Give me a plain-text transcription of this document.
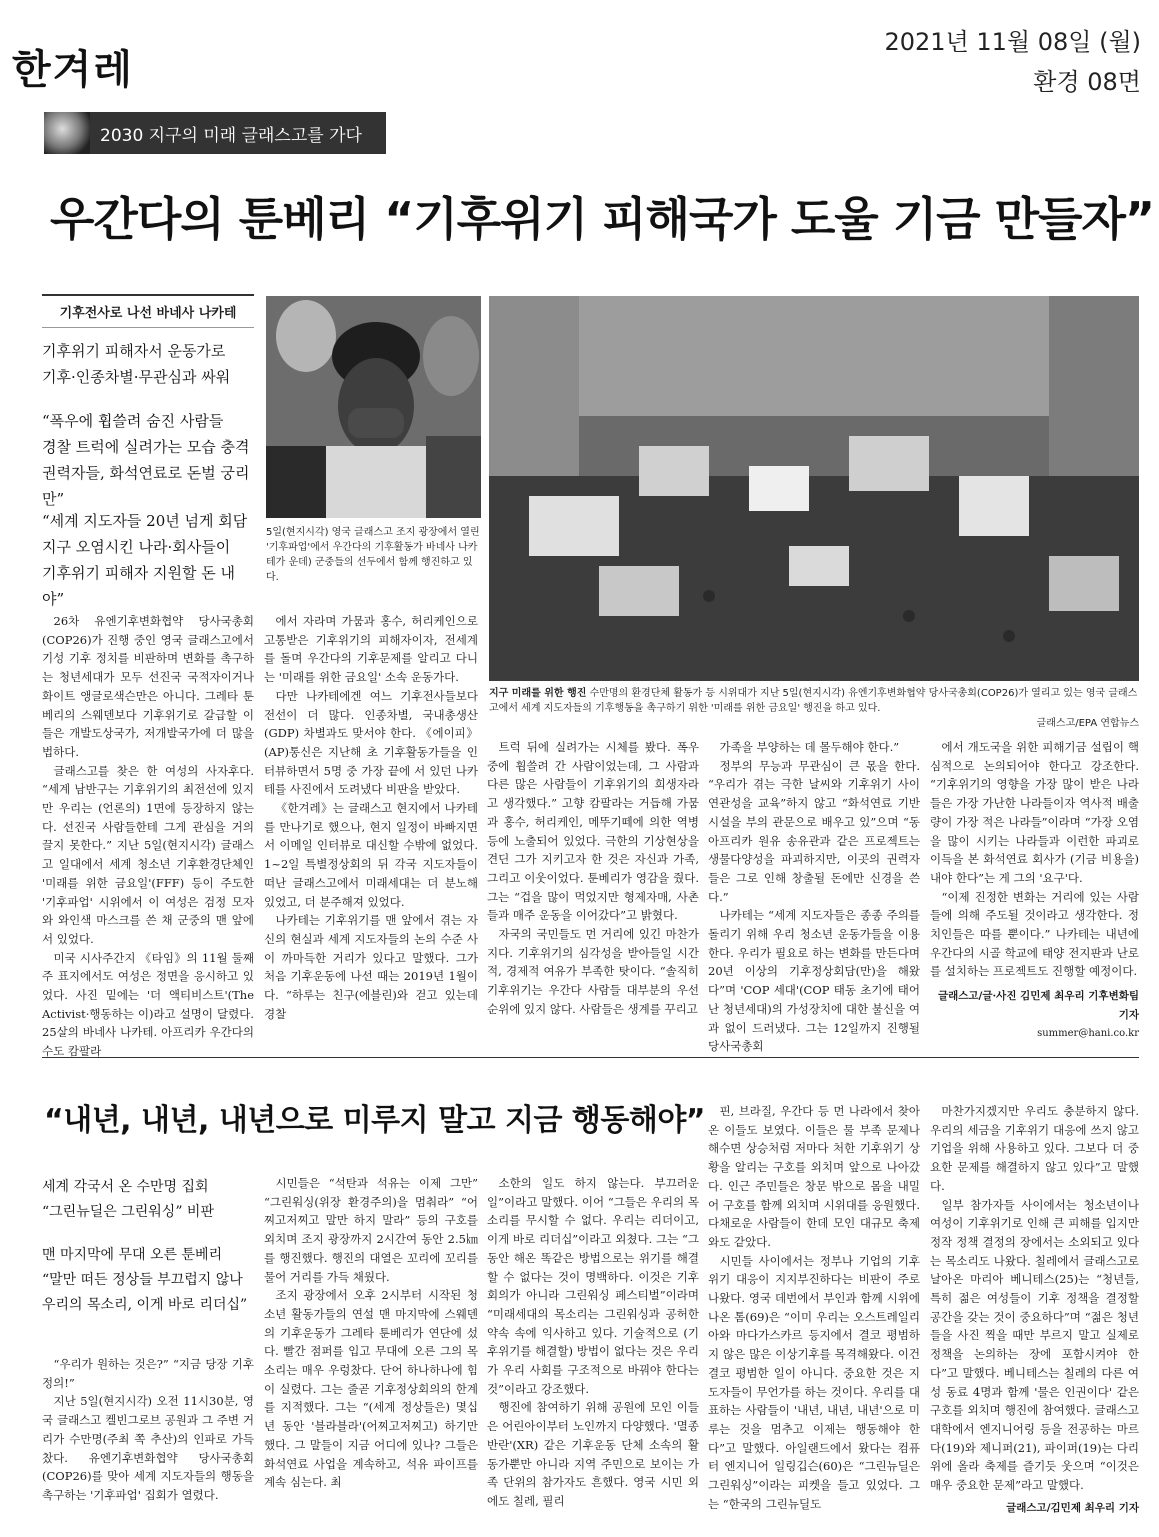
한겨레
2021년 11월 08일 (월)
환경 08면
2030 지구의 미래 글래스고를 가다
우간다의 툰베리 “기후위기 피해국가 도울 기금 만들자”
기후전사로 나선 바네사 나카테
기후위기 피해자서 운동가로
기후·인종차별·무관심과 싸워
“폭우에 휩쓸려 숨진 사람들
경찰 트럭에 실려가는 모습 충격
권력자들, 화석연료로 돈벌 궁리만”
“세계 지도자들 20년 넘게 회담
지구 오염시킨 나라·회사들이
기후위기 피해자 지원할 돈 내야”
5일(현지시각) 영국 글래스고 조지 광장에서 열린 '기후파업'에서 우간다의 기후활동가 바네사 나카테가 운데) 군중들의 선두에서 함께 행진하고 있다.
지구 미래를 위한 행진 수만명의 환경단체 활동가 등 시위대가 지난 5일(현지시각) 유엔기후변화협약 당사국총회(COP26)가 열리고 있는 영국 글래스고에서 세계 지도자들의 기후행동을 촉구하기 위한 '미래를 위한 금요일' 행진을 하고 있다.
글래스고/EPA 연합뉴스

26차 유엔기후변화협약 당사국총회(COP26)가 진행 중인 영국 글래스고에서 기성 기후 정치를 비판하며 변화를 촉구하는 청년세대가 모두 선진국 국적자이거나 화이트 앵글로색슨만은 아니다. 그레타 툰베리의 스웨덴보다 기후위기로 갈급할 이들은 개발도상국가, 저개발국가에 더 많을 법하다.

글래스고를 찾은 한 여성의 사자후다. “세계 남반구는 기후위기의 최전선에 있지만 우리는 (언론의) 1면에 등장하지 않는다. 선진국 사람들한테 그게 관심을 거의 끌지 못한다.” 지난 5일(현지시각) 글래스고 일대에서 세계 청소년 기후환경단체인 '미래를 위한 금요일'(FFF) 등이 주도한 '기후파업' 시위에서 이 여성은 검정 모자와 와인색 마스크를 쓴 채 군중의 맨 앞에 서 있었다.

미국 시사주간지 《타임》의 11월 둘째 주 표지에서도 여성은 정면을 응시하고 있었다. 사진 밑에는 '더 액티비스트'(The Activist·행동하는 이)라고 설명이 달렸다. 25살의 바네사 나카테. 아프리카 우간다의 수도 캄팔라

에서 자라며 가뭄과 홍수, 허리케인으로 고통받은 기후위기의 피해자이자, 전세계를 돌며 우간다의 기후문제를 알리고 다니는 '미래를 위한 금요일' 소속 운동가다.

다만 나카테에겐 여느 기후전사들보다 전선이 더 많다. 인종차별, 국내총생산(GDP) 차별과도 맞서야 한다. 《에이피》(AP)통신은 지난해 초 기후활동가들을 인터뷰하면서 5명 중 가장 끝에 서 있던 나카테를 사진에서 도려냈다 비판을 받았다.

《한겨레》는 글래스고 현지에서 나카테를 만나기로 했으나, 현지 일정이 바빠지면서 이메일 인터뷰로 대신할 수밖에 없었다. 1~2일 특별정상회의 뒤 각국 지도자들이 떠난 글래스고에서 미래세대는 더 분노해 있었고, 더 분주해져 있었다.

나카테는 기후위기를 맨 앞에서 겪는 자신의 현실과 세계 지도자들의 논의 수준 사이 까마득한 거리가 있다고 말했다. 그가 처음 기후운동에 나선 때는 2019년 1월이다. “하루는 친구(에블린)와 걷고 있는데 경찰

트럭 뒤에 실려가는 시체를 봤다. 폭우 중에 휩쓸려 간 사람이었는데, 그 사람과 다른 많은 사람들이 기후위기의 희생자라고 생각했다.” 고향 캄팔라는 거듭해 가뭄과 홍수, 허리케인, 메뚜기떼에 의한 역병 등에 노출되어 있었다. 극한의 기상현상을 견딘 그가 지키고자 한 것은 자신과 가족, 그리고 이웃이었다. 툰베리가 영감을 줬다. 그는 “겁을 많이 먹었지만 형제자매, 사촌들과 매주 운동을 이어갔다”고 밝혔다.

자국의 국민들도 먼 거리에 있긴 마찬가지다. 기후위기의 심각성을 받아들일 시간적, 경제적 여유가 부족한 탓이다. “솔직히 기후위기는 우간다 사람들 대부분의 우선순위에 있지 않다. 사람들은 생계를 꾸리고

가족을 부양하는 데 몰두해야 한다.”

정부의 무능과 무관심이 큰 몫을 한다. “우리가 겪는 극한 날씨와 기후위기 사이 연관성을 교육”하지 않고 “화석연료 기반 시설을 부의 관문으로 배우고 있”으며 “동아프리카 원유 송유관과 같은 프로젝트는 생물다양성을 파괴하지만, 이곳의 권력자들은 그로 인해 창출될 돈에만 신경을 쓴다.”

나카테는 “세계 지도자들은 종종 주의를 돌리기 위해 우리 청소년 운동가들을 이용한다. 우리가 필요로 하는 변화를 만든다며 20년 이상의 기후정상회담(만)을 해왔다”며 'COP 세대'(COP 태동 초기에 태어난 청년세대)의 가성장치에 대한 불신을 여과 없이 드러냈다. 그는 12일까지 진행될 당사국총회

에서 개도국을 위한 피해기금 설립이 핵심적으로 논의되어야 한다고 강조한다. “기후위기의 영향을 가장 많이 받은 나라들은 가장 가난한 나라들이자 역사적 배출량이 가장 적은 나라들”이라며 “가장 오염을 많이 시키는 나라들과 이런한 파괴로 이득을 본 화석연료 회사가 (기금 비용을) 내야 한다”는 게 그의 '요구'다.

“이제 진정한 변화는 거리에 있는 사람들에 의해 주도될 것이라고 생각한다. 정치인들은 따를 뿐이다.” 나카테는 내년에 우간다의 시골 학교에 태양 전지판과 난로를 설치하는 프로젝트도 진행할 예정이다.

글래스고/글·사진 김민제 최우리 기후변화팀 기자
summer@hani.co.kr
“내년, 내년, 내년으로 미루지 말고 지금 행동해야”
세계 각국서 온 수만명 집회
“그린뉴딜은 그린워싱” 비판
맨 마지막에 무대 오른 툰베리
“말만 떠든 정상들 부끄럽지 않나
우리의 목소리, 이게 바로 리더십”

“우리가 원하는 것은?” “지금 당장 기후정의!”

지난 5일(현지시각) 오전 11시30분, 영국 글래스고 켈빈그로브 공원과 그 주변 거리가 수만명(주최 쪽 추산)의 인파로 가득 찼다. 유엔기후변화협약 당사국총회(COP26)를 맞아 세계 지도자들의 행동을 촉구하는 '기후파업' 집회가 열렸다.

시민들은 “석탄과 석유는 이제 그만” “그린워싱(위장 환경주의)을 멈춰라” “어찌고저찌고 말만 하지 말라” 등의 구호를 외치며 조지 광장까지 2시간여 동안 2.5㎞를 행진했다. 행진의 대열은 꼬리에 꼬리를 물어 거리를 가득 채웠다.

조지 광장에서 오후 2시부터 시작된 청소년 활동가들의 연설 맨 마지막에 스웨덴의 기후운동가 그레타 툰베리가 연단에 섰다. 빨간 점퍼를 입고 무대에 오른 그의 목소리는 매우 우렁찼다. 단어 하나하나에 힘이 실렸다. 그는 줄곧 기후정상회의의 한계를 지적했다. 그는 “(세계 정상들은) 몇십년 동안 '블라블라'(어찌고저찌고) 하기만 했다. 그 말들이 지금 어디에 있나? 그들은 화석연료 사업을 계속하고, 석유 파이프를 계속 심는다. 최

소한의 일도 하지 않는다. 부끄러운 일”이라고 말했다. 이어 “그들은 우리의 목소리를 무시할 수 없다. 우리는 리더이고, 이게 바로 리더십”이라고 외쳤다. 그는 “그동안 해온 똑같은 방법으로는 위기를 해결할 수 없다는 것이 명백하다. 이것은 기후회의가 아니라 그린워싱 페스티벌”이라며 “미래세대의 목소리는 그린워싱과 공허한 약속 속에 익사하고 있다. 기술적으로 (기후위기를 해결할) 방법이 없다는 것은 우리가 우리 사회를 구조적으로 바꿔야 한다는 것”이라고 강조했다.

행진에 참여하기 위해 공원에 모인 이들은 어린아이부터 노인까지 다양했다. '멸종반란'(XR) 같은 기후운동 단체 소속의 활동가뿐만 아니라 지역 주민으로 보이는 가족 단위의 참가자도 흔했다. 영국 시민 외에도 칠레, 필리

핀, 브라질, 우간다 등 먼 나라에서 찾아온 이들도 보였다. 이들은 물 부족 문제나 해수면 상승처럼 저마다 처한 기후위기 상황을 알리는 구호를 외치며 앞으로 나아갔다. 인근 주민들은 창문 밖으로 몸을 내밀어 구호를 함께 외치며 시위대를 응원했다. 다채로운 사람들이 한데 모인 대규모 축제와도 같았다.

시민들 사이에서는 정부나 기업의 기후위기 대응이 지지부진하다는 비판이 주로 나왔다. 영국 데번에서 부인과 함께 시위에 나온 톰(69)은 “이미 우리는 오스트레일리아와 마다가스카르 등지에서 결코 평범하지 않은 많은 이상기후를 목격해왔다. 이건 결코 평범한 일이 아니다. 중요한 것은 지도자들이 무언가를 하는 것이다. 우리를 대표하는 사람들이 '내년, 내년, 내년'으로 미루는 것을 멈추고 이제는 행동해야 한다”고 말했다. 아일랜드에서 왔다는 컴퓨터 엔지니어 일링깁슨(60)은 “그린뉴딜은 그린워싱”이라는 피켓을 들고 있었다. 그는 “한국의 그린뉴딜도

마찬가지겠지만 우리도 충분하지 않다. 우리의 세금을 기후위기 대응에 쓰지 않고 기업을 위해 사용하고 있다. 그보다 더 중요한 문제를 해결하지 않고 있다”고 말했다.

일부 참가자들 사이에서는 청소년이나 여성이 기후위기로 인해 큰 피해를 입지만 정작 정책 결정의 장에서는 소외되고 있다는 목소리도 나왔다. 칠레에서 글래스고로 날아온 마리아 베니테스(25)는 “청년들, 특히 젊은 여성들이 기후 정책을 결정할 공간을 갖는 것이 중요하다”며 “젊은 청년들을 사진 찍을 때만 부르지 말고 실제로 정책을 논의하는 장에 포함시켜야 한다”고 말했다. 베니테스는 칠레의 다른 여성 동료 4명과 함께 '물은 인권이다' 같은 구호를 외치며 행진에 참여했다. 글래스고 대학에서 엔지니어링 등을 전공하는 마르다(19)와 제니퍼(21), 파이퍼(19)는 다리 위에 올라 축제를 즐기듯 웃으며 “이것은 매우 중요한 문제”라고 말했다.

글래스고/김민제 최우리 기자
